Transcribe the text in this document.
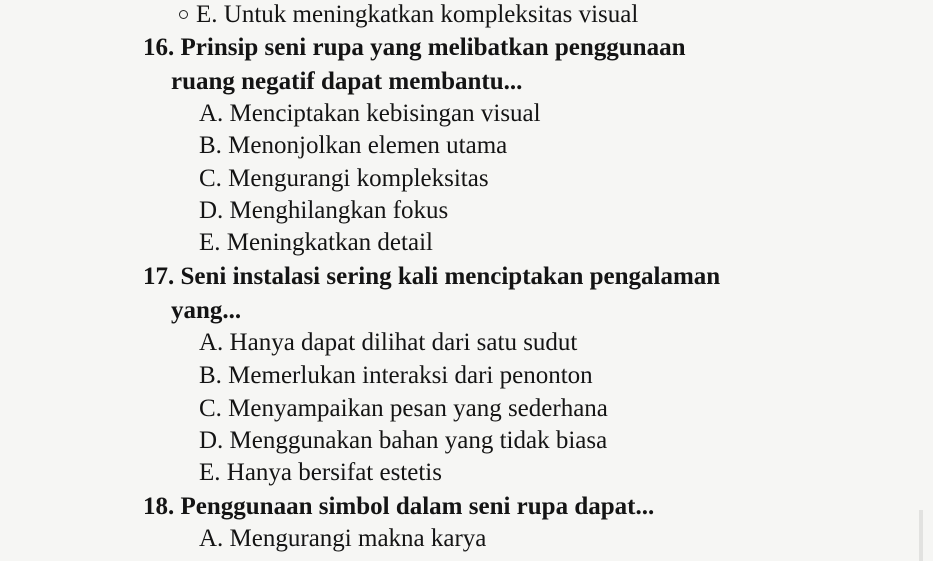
E. Untuk meningkatkan kompleksitas visual
16. Prinsip seni rupa yang melibatkan penggunaan
ruang negatif dapat membantu...
A. Menciptakan kebisingan visual
B. Menonjolkan elemen utama
C. Mengurangi kompleksitas
D. Menghilangkan fokus
E. Meningkatkan detail
17. Seni instalasi sering kali menciptakan pengalaman
yang...
A. Hanya dapat dilihat dari satu sudut
B. Memerlukan interaksi dari penonton
C. Menyampaikan pesan yang sederhana
D. Menggunakan bahan yang tidak biasa
E. Hanya bersifat estetis
18. Penggunaan simbol dalam seni rupa dapat...
A. Mengurangi makna karya
